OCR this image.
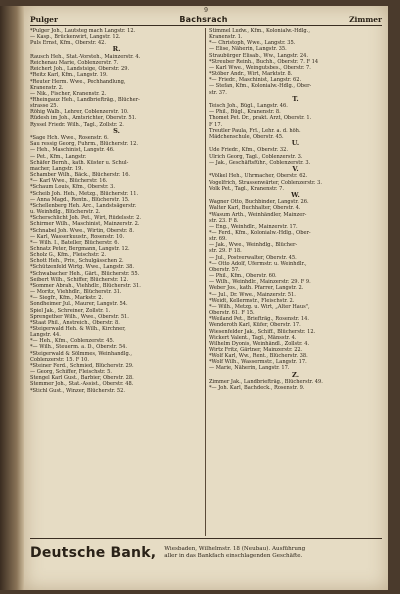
9
Pulger	Bachsrach	Zimmer
*Pulger Joh., Lautsteg mach Langstr. 12.
— Kasp., Brückenwirt, Langstr. 12.
Puls Ernst, Kfm., Oberstr. 42.
R.
Rausch Heh., Stat.-Vorsteh., Mainzerstr. 4.
Reichenau Marie, Coblenzerstr. 7.
Reichert Joh., Landstsige, Oberstr. 29.
*Reitz Karl, Kfm., Langstr. 19.
*Reuter Herm. Wwe., Pechhandlung,
Kranenstr. 2.
— Nik., Fischer, Kranenstr. 2.
*Rheingauz Heh., Landbriefträg., Blücher-
strasse 25.
Röhig Walb., Lehrer, Coblenzerstr. 10.
Rüdesh im Joh., Amtsrichter, Oberstr. 51.
Ryssel Friedr. Wilh., Tagl., Zollstr. 2.
S.
*Sage Hch. Wwe., Rosenstr. 6.
Sau ressig Georg, Fuhrm., Blücherstr. 12.
— Heh., Maschinist, Langstr. 46.
— Pet., Kfm., Langstr.
Schäfer Bernh., kath. Küster u. Schul-
macher, Langstr. 19.
Schamber Wilh., Bäck., Blücherstr. 16.
*— Karl Wwe., Blücherstr. 16.
*Schaum Louis, Kfm., Oberstr. 3.
*Scheib Joh. Heh., Metzg., Blücherstr. 11.
— Anna Magd., Rentn., Blücherstr. 15.
*Schellenberg Heh. Arc., Landstsägerstr.
u. Weinhdlg., Blücherstr. 2.
*Scherschlicht Joh. Pet., Wirt, Rüdelsstr. 2.
Schirmer Wilh., Maschinist, Mainzerstr. 2.
*Schnabel Joh. Wwe., Wirtin, Oberstr. 8.
— Karl, Wasserkuustr., Rosenstr. 10.
*— Wilh. I., Bateller, Blücherstr. 6.
Schnatz Peter, Bergmann, Langstr. 12.
Scholz G., Kfm., Fleischstr. 2.
Schott Heh., Priv., Schulgässchen 2.
*Schützenfeld Wirtg. Wwe., Langstr. 38.
*Schwabacher Heh., Gärt., Blücherstr. 55.
Seibert Wilh., Schiffer, Blücherstr. 12.
*Sommer Abrah., Viehhdlr., Blücherstr. 31.
— Moritz, Viehhdlr., Blücherstr. 31.
*— Siegfr., Kfm., Markstr. 2.
Sondheimer Jul., Maurer, Langstr. 54.
Spiel Jak., Schreiner, Zollstr. 1.
Sprengether Wilh., Wwe., Oberstr. 51.
*Staat Phil., Anstreich., Oberstr. 8.
*Steigerwald Heh. & Wilh., Kirchner,
Langstr. 44.
*— Heh., Kfm., Coblenzerstr. 45.
*— Wilh., Steuerm. a. D., Oberstr. 54.
*Steigerwald & Sölmmes, Weinhandlg.,
Coblenzerstr. 15. F 10.
*Steiner Ferd., Schmied, Blücherstr. 29.
— Georg, Schiffer, Fleischstr. 5.
Stengel Karl Gust., Barbier, Oberstr. 28.
Stemmer Joh., Stat.-Assist., Oberstr. 48.
*Stichl Gust., Winzer, Blücherstr. 52.
Stimmel Ludw., Kfm., Kolonialw.-Hdlg.,
Kranenstr. 1.
*— Christoph, Wwe., Langstr. 35.
— Elise, Näherin, Langstr. 35.
Straubürger Elisab., Ww., Langstr. 24.
*Streuber Reinh., Buchh., Oberstr. 7. F 14
— Karl Wwe., Weingutsbes., Oberstr. 7.
*Stöber Andr., Wirt, Marktstr. 8.
*— Friedr., Maschinist, Langstr. 62.
— Stefan, Kfm., Kolonialw.-Hdlg., Ober-
str. 37.
T.
Teisch Joh., Bügl., Langstr. 46.
— Phil., Bügl., Kranenstr. 8.
Thomet Pet. Dr., prakt. Arzt, Oberstr. 1.
F 17.
Treutler Paula, Frl., Lehr. a. d. höh.
Mädchenschule, Oberstr. 45.
U.
Ude Friedr., Kfm., Oberstr. 32.
Ulrich Georg, Tagl., Coblenzerstr. 3.
— Jak., Geschäftsführ., Coblenzerstr. 3.
V.
*Völkel Heh., Uhrmacher, Oberstr. 62.
Vogelfrich, Strassenwärter, Coblenzerstr. 3.
Volk Pet., Tagl., Kranenstr. 7.
W.
Wagner Otto, Buchbinder, Langstr. 26.
Walter Karl, Buchhalter, Oberstr. 4.
*Wasum Arth., Weinhändler, Mainzer-
str. 23. F 8.
— Eng., Weinhdlr., Mainzerstr. 17.
*— Ferd., Kfm., Kolonialw.-Hdlg., Ober-
str. 69.
— Jak., Wwe., Weinhdlg., Blücher-
str. 29. F 18.
— Jul., Postverwalter, Oberstr. 45.
*— Otto Adolf, Ufermstr. u. Weinhdlr.,
Oberstr. 57.
— Phil., Kfm., Oberstr. 60.
— Wilh., Weinhdlr., Mainzerstr. 29. F 9.
Weber Jos., kath. Pfarrer, Langstr. 2.
*— Jul., Dr. Wwe., Mainzerstr. 51.
*Weidt, Kellermstr., Fleischstr. 2.
*— Wilh., Metzg. u. Wirt, „Alter Haus",
Oberstr. 61. F 15.
*Weiland Pet., Briefträg., Rosenstr. 14.
Wenderoth Karl, Küfer, Oberstr. 17.
Wiesenfelder Jak., Schiff., Blücherstr. 12.
Wickert Valent., Tagl., Mänsstr. 4.
Wilhelm Dyonis, Weinhändl., Zollstr. 4.
Wirtz Fritz, Gärtner, Mainzerstr. 22.
*Wolf Karl, Ww., Rent., Blücherstr. 38.
*Wolf Wilh., Wassermstr., Langstr. 17.
— Marie, Näherin, Langstr. 17.
Z.
Zimmer Jak., Landbriefträg., Blücherstr. 49.
*— Joh. Karl, Bachdeck., Rosenstr. 9.
Deutsche Bank, Wiesbaden, Wilhelmstr. 18 (Neubau). Ausführung
aller in das Bankfach einschlagenden Geschäfte.
